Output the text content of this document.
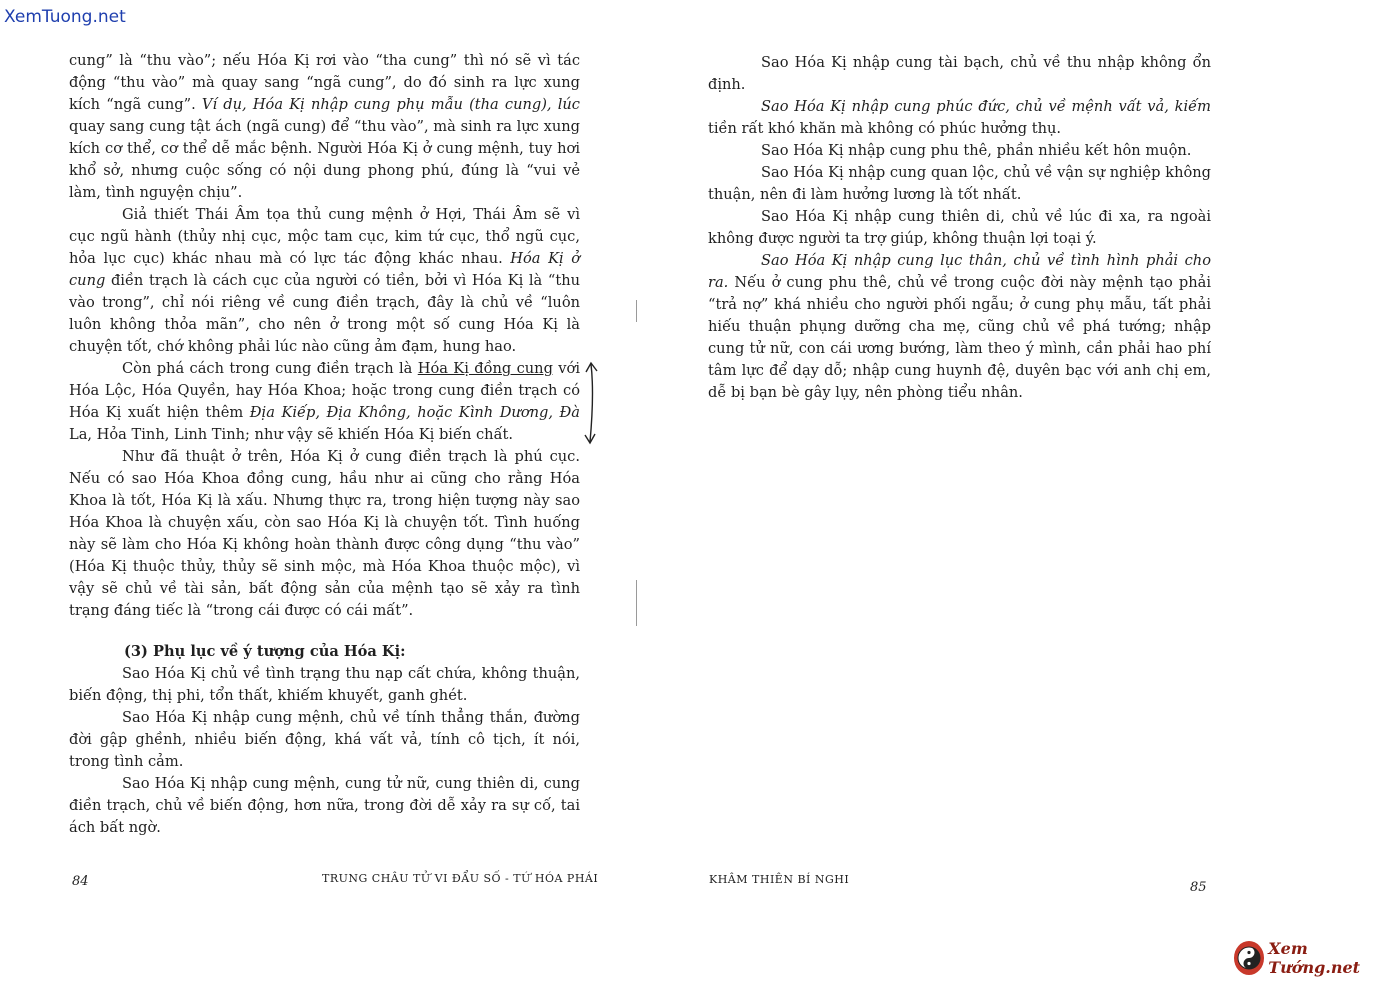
XemTuong.net

cung” là “thu vào”; nếu Hóa Kị rơi vào “tha cung” thì nó sẽ vì tác động “thu vào” mà quay sang “ngã cung”, do đó sinh ra lực xung kích “ngã cung”. Ví dụ, Hóa Kị nhập cung phụ mẫu (tha cung), lúc quay sang cung tật ách (ngã cung) để “thu vào”, mà sinh ra lực xung kích cơ thể, cơ thể dễ mắc bệnh. Người Hóa Kị ở cung mệnh, tuy hơi khổ sở, nhưng cuộc sống có nội dung phong phú, đúng là “vui vẻ làm, tình nguyện chịu”.

Giả thiết Thái Âm tọa thủ cung mệnh ở Hợi, Thái Âm sẽ vì cục ngũ hành (thủy nhị cục, mộc tam cục, kim tứ cục, thổ ngũ cục, hỏa lục cục) khác nhau mà có lực tác động khác nhau. Hóa Kị ở cung điền trạch là cách cục của người có tiền, bởi vì Hóa Kị là “thu vào trong”, chỉ nói riêng về cung điền trạch, đây là chủ về “luôn luôn không thỏa mãn”, cho nên ở trong một số cung Hóa Kị là chuyện tốt, chớ không phải lúc nào cũng ảm đạm, hung hao.

Còn phá cách trong cung điền trạch là Hóa Kị đồng cung với Hóa Lộc, Hóa Quyền, hay Hóa Khoa; hoặc trong cung điền trạch có Hóa Kị xuất hiện thêm Địa Kiếp, Địa Không, hoặc Kình Dương, Đà La, Hỏa Tinh, Linh Tinh; như vậy sẽ khiến Hóa Kị biến chất.

Như đã thuật ở trên, Hóa Kị ở cung điền trạch là phú cục. Nếu có sao Hóa Khoa đồng cung, hầu như ai cũng cho rằng Hóa Khoa là tốt, Hóa Kị là xấu. Nhưng thực ra, trong hiện tượng này sao Hóa Khoa là chuyện xấu, còn sao Hóa Kị là chuyện tốt. Tình huống này sẽ làm cho Hóa Kị không hoàn thành được công dụng “thu vào” (Hóa Kị thuộc thủy, thủy sẽ sinh mộc, mà Hóa Khoa thuộc mộc), vì vậy sẽ chủ về tài sản, bất động sản của mệnh tạo sẽ xảy ra tình trạng đáng tiếc là “trong cái được có cái mất”.

(3) Phụ lục về ý tượng của Hóa Kị:

Sao Hóa Kị chủ về tình trạng thu nạp cất chứa, không thuận, biến động, thị phi, tổn thất, khiếm khuyết, ganh ghét.

Sao Hóa Kị nhập cung mệnh, chủ về tính thẳng thắn, đường đời gập ghềnh, nhiều biến động, khá vất vả, tính cô tịch, ít nói, trong tình cảm.

Sao Hóa Kị nhập cung mệnh, cung tử nữ, cung thiên di, cung điền trạch, chủ về biến động, hơn nữa, trong đời dễ xảy ra sự cố, tai ách bất ngờ.

84	TRUNG CHÂU TỬ VI ĐẨU SỐ - TỨ HÓA PHÁI

Sao Hóa Kị nhập cung tài bạch, chủ về thu nhập không ổn định.

Sao Hóa Kị nhập cung phúc đức, chủ về mệnh vất vả, kiếm tiền rất khó khăn mà không có phúc hưởng thụ.

Sao Hóa Kị nhập cung phu thê, phần nhiều kết hôn muộn.

Sao Hóa Kị nhập cung quan lộc, chủ về vận sự nghiệp không thuận, nên đi làm hưởng lương là tốt nhất.

Sao Hóa Kị nhập cung thiên di, chủ về lúc đi xa, ra ngoài không được người ta trợ giúp, không thuận lợi toại ý.

Sao Hóa Kị nhập cung lục thân, chủ về tình hình phải cho ra. Nếu ở cung phu thê, chủ về trong cuộc đời này mệnh tạo phải “trả nợ” khá nhiều cho người phối ngẫu; ở cung phụ mẫu, tất phải hiếu thuận phụng dưỡng cha mẹ, cũng chủ về phá tướng; nhập cung tử nữ, con cái ương bướng, làm theo ý mình, cần phải hao phí tâm lực để dạy dỗ; nhập cung huynh đệ, duyên bạc với anh chị em, dễ bị bạn bè gây lụy, nên phòng tiểu nhân.

KHÂM THIÊN BÍ NGHI
85
Xem Tướng.net
